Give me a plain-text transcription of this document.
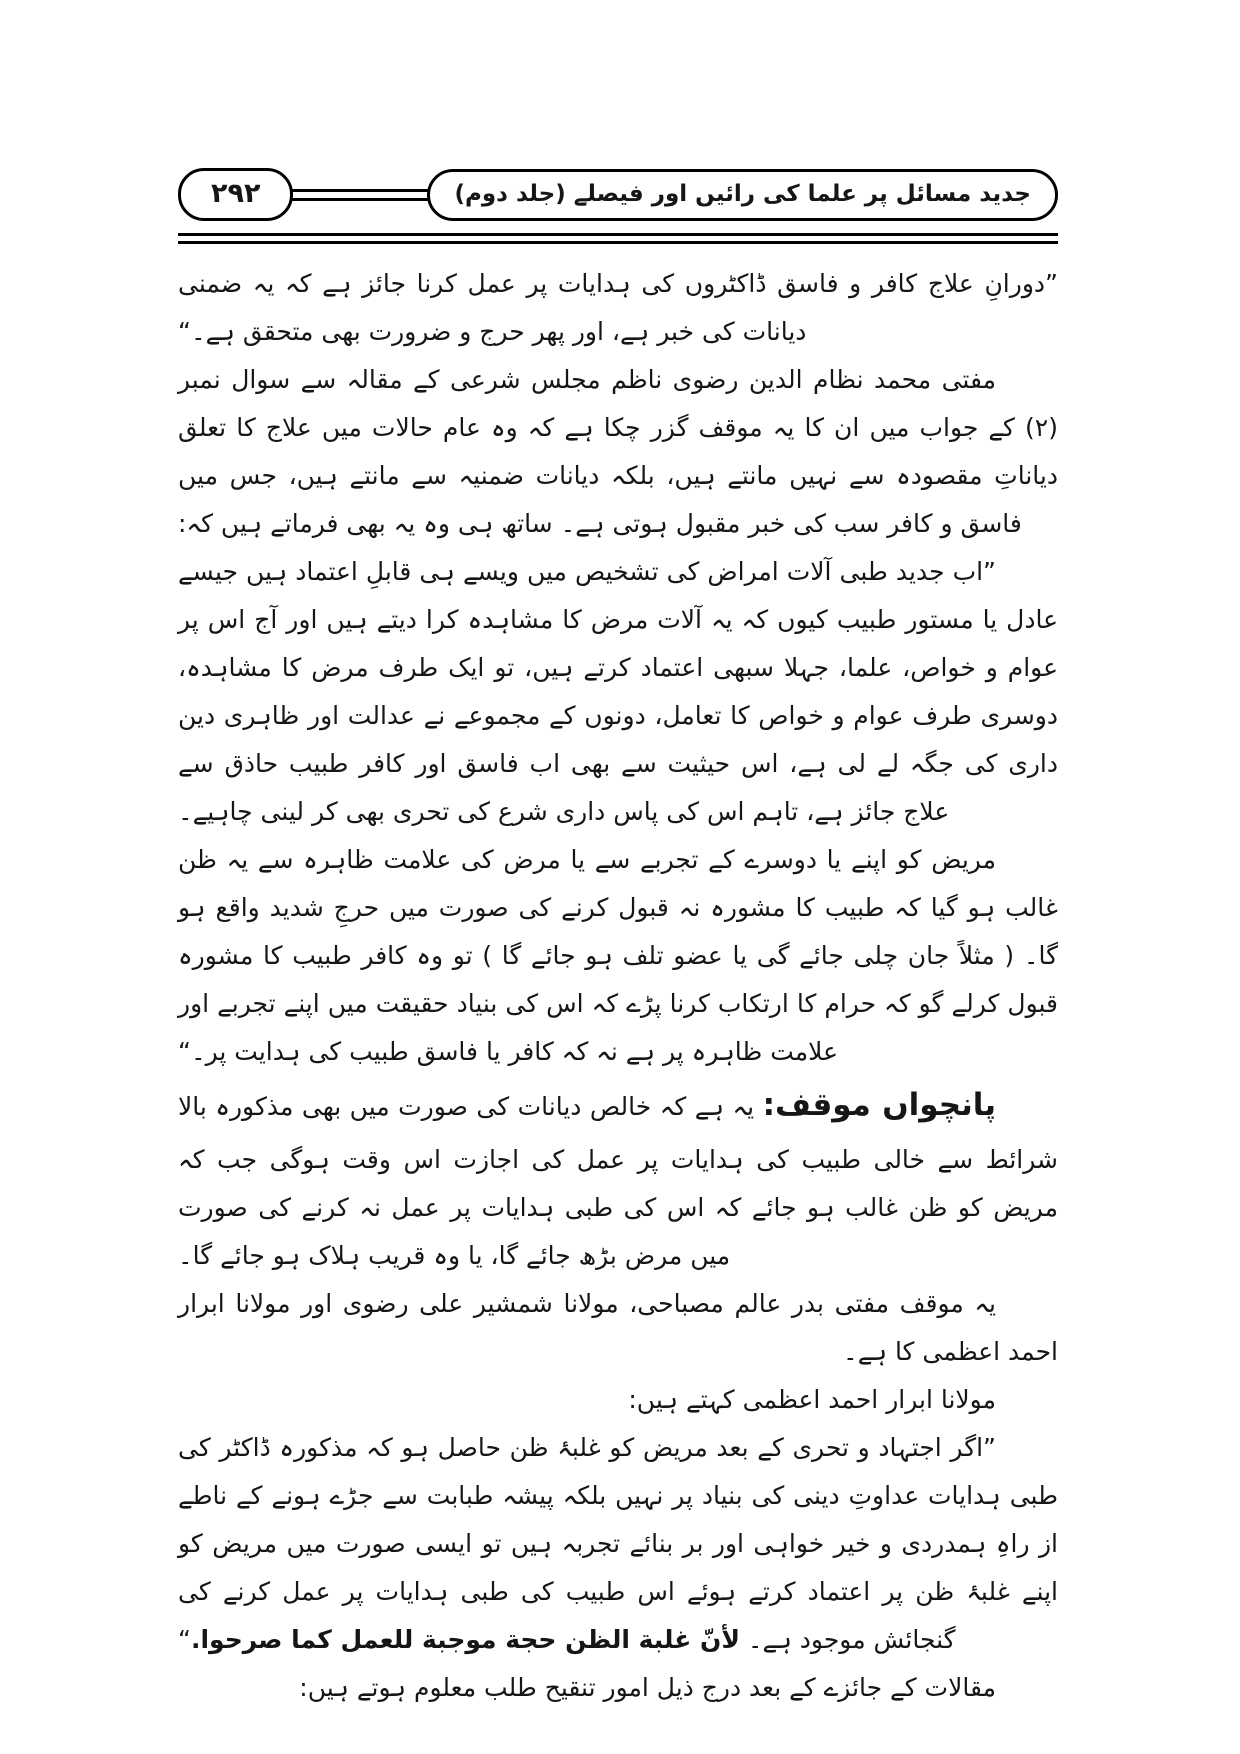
جدید مسائل پر علما کی رائیں اور فیصلے (جلد دوم)
۲۹۲

”دورانِ علاج کافر و فاسق ڈاکٹروں کی ہدایات پر عمل کرنا جائز ہے کہ یہ ضمنی دیانات کی خبر ہے، اور پھر حرج و ضرورت بھی متحقق ہے۔“

مفتی محمد نظام الدین رضوی ناظم مجلس شرعی کے مقالہ سے سوال نمبر (۲) کے جواب میں ان کا یہ موقف گزر چکا ہے کہ وہ عام حالات میں علاج کا تعلق دیاناتِ مقصودہ سے نہیں مانتے ہیں، بلکہ دیانات ضمنیہ سے مانتے ہیں، جس میں فاسق و کافر سب کی خبر مقبول ہوتی ہے۔ ساتھ ہی وہ یہ بھی فرماتے ہیں کہ:

”اب جدید طبی آلات امراض کی تشخیص میں ویسے ہی قابلِ اعتماد ہیں جیسے عادل یا مستور طبیب کیوں کہ یہ آلات مرض کا مشاہدہ کرا دیتے ہیں اور آج اس پر عوام و خواص، علما، جہلا سبھی اعتماد کرتے ہیں، تو ایک طرف مرض کا مشاہدہ، دوسری طرف عوام و خواص کا تعامل، دونوں کے مجموعے نے عدالت اور ظاہری دین داری کی جگہ لے لی ہے، اس حیثیت سے بھی اب فاسق اور کافر طبیب حاذق سے علاج جائز ہے، تاہم اس کی پاس داری شرع کی تحری بھی کر لینی چاہیے۔

مریض کو اپنے یا دوسرے کے تجربے سے یا مرض کی علامت ظاہرہ سے یہ ظن غالب ہو گیا کہ طبیب کا مشورہ نہ قبول کرنے کی صورت میں حرجِ شدید واقع ہو گا۔ ( مثلاً جان چلی جائے گی یا عضو تلف ہو جائے گا ) تو وہ کافر طبیب کا مشورہ قبول کرلے گو کہ حرام کا ارتکاب کرنا پڑے کہ اس کی بنیاد حقیقت میں اپنے تجربے اور علامت ظاہرہ پر ہے نہ کہ کافر یا فاسق طبیب کی ہدایت پر۔“

پانچواں موقف: یہ ہے کہ خالص دیانات کی صورت میں بھی مذکورہ بالا شرائط سے خالی طبیب کی ہدایات پر عمل کی اجازت اس وقت ہوگی جب کہ مریض کو ظن غالب ہو جائے کہ اس کی طبی ہدایات پر عمل نہ کرنے کی صورت میں مرض بڑھ جائے گا، یا وہ قریب ہلاک ہو جائے گا۔

یہ موقف مفتی بدر عالم مصباحی، مولانا شمشیر علی رضوی اور مولانا ابرار احمد اعظمی کا ہے۔

مولانا ابرار احمد اعظمی کہتے ہیں:

”اگر اجتہاد و تحری کے بعد مریض کو غلبۂ ظن حاصل ہو کہ مذکورہ ڈاکٹر کی طبی ہدایات عداوتِ دینی کی بنیاد پر نہیں بلکہ پیشہ طبابت سے جڑے ہونے کے ناطے از راہِ ہمدردی و خیر خواہی اور بر بنائے تجربہ ہیں تو ایسی صورت میں مریض کو اپنے غلبۂ ظن پر اعتماد کرتے ہوئے اس طبیب کی طبی ہدایات پر عمل کرنے کی گنجائش موجود ہے۔ لأنّ غلبة الظن حجة موجبة للعمل كما صرحوا.“

مقالات کے جائزے کے بعد درج ذیل امور تنقیح طلب معلوم ہوتے ہیں:
